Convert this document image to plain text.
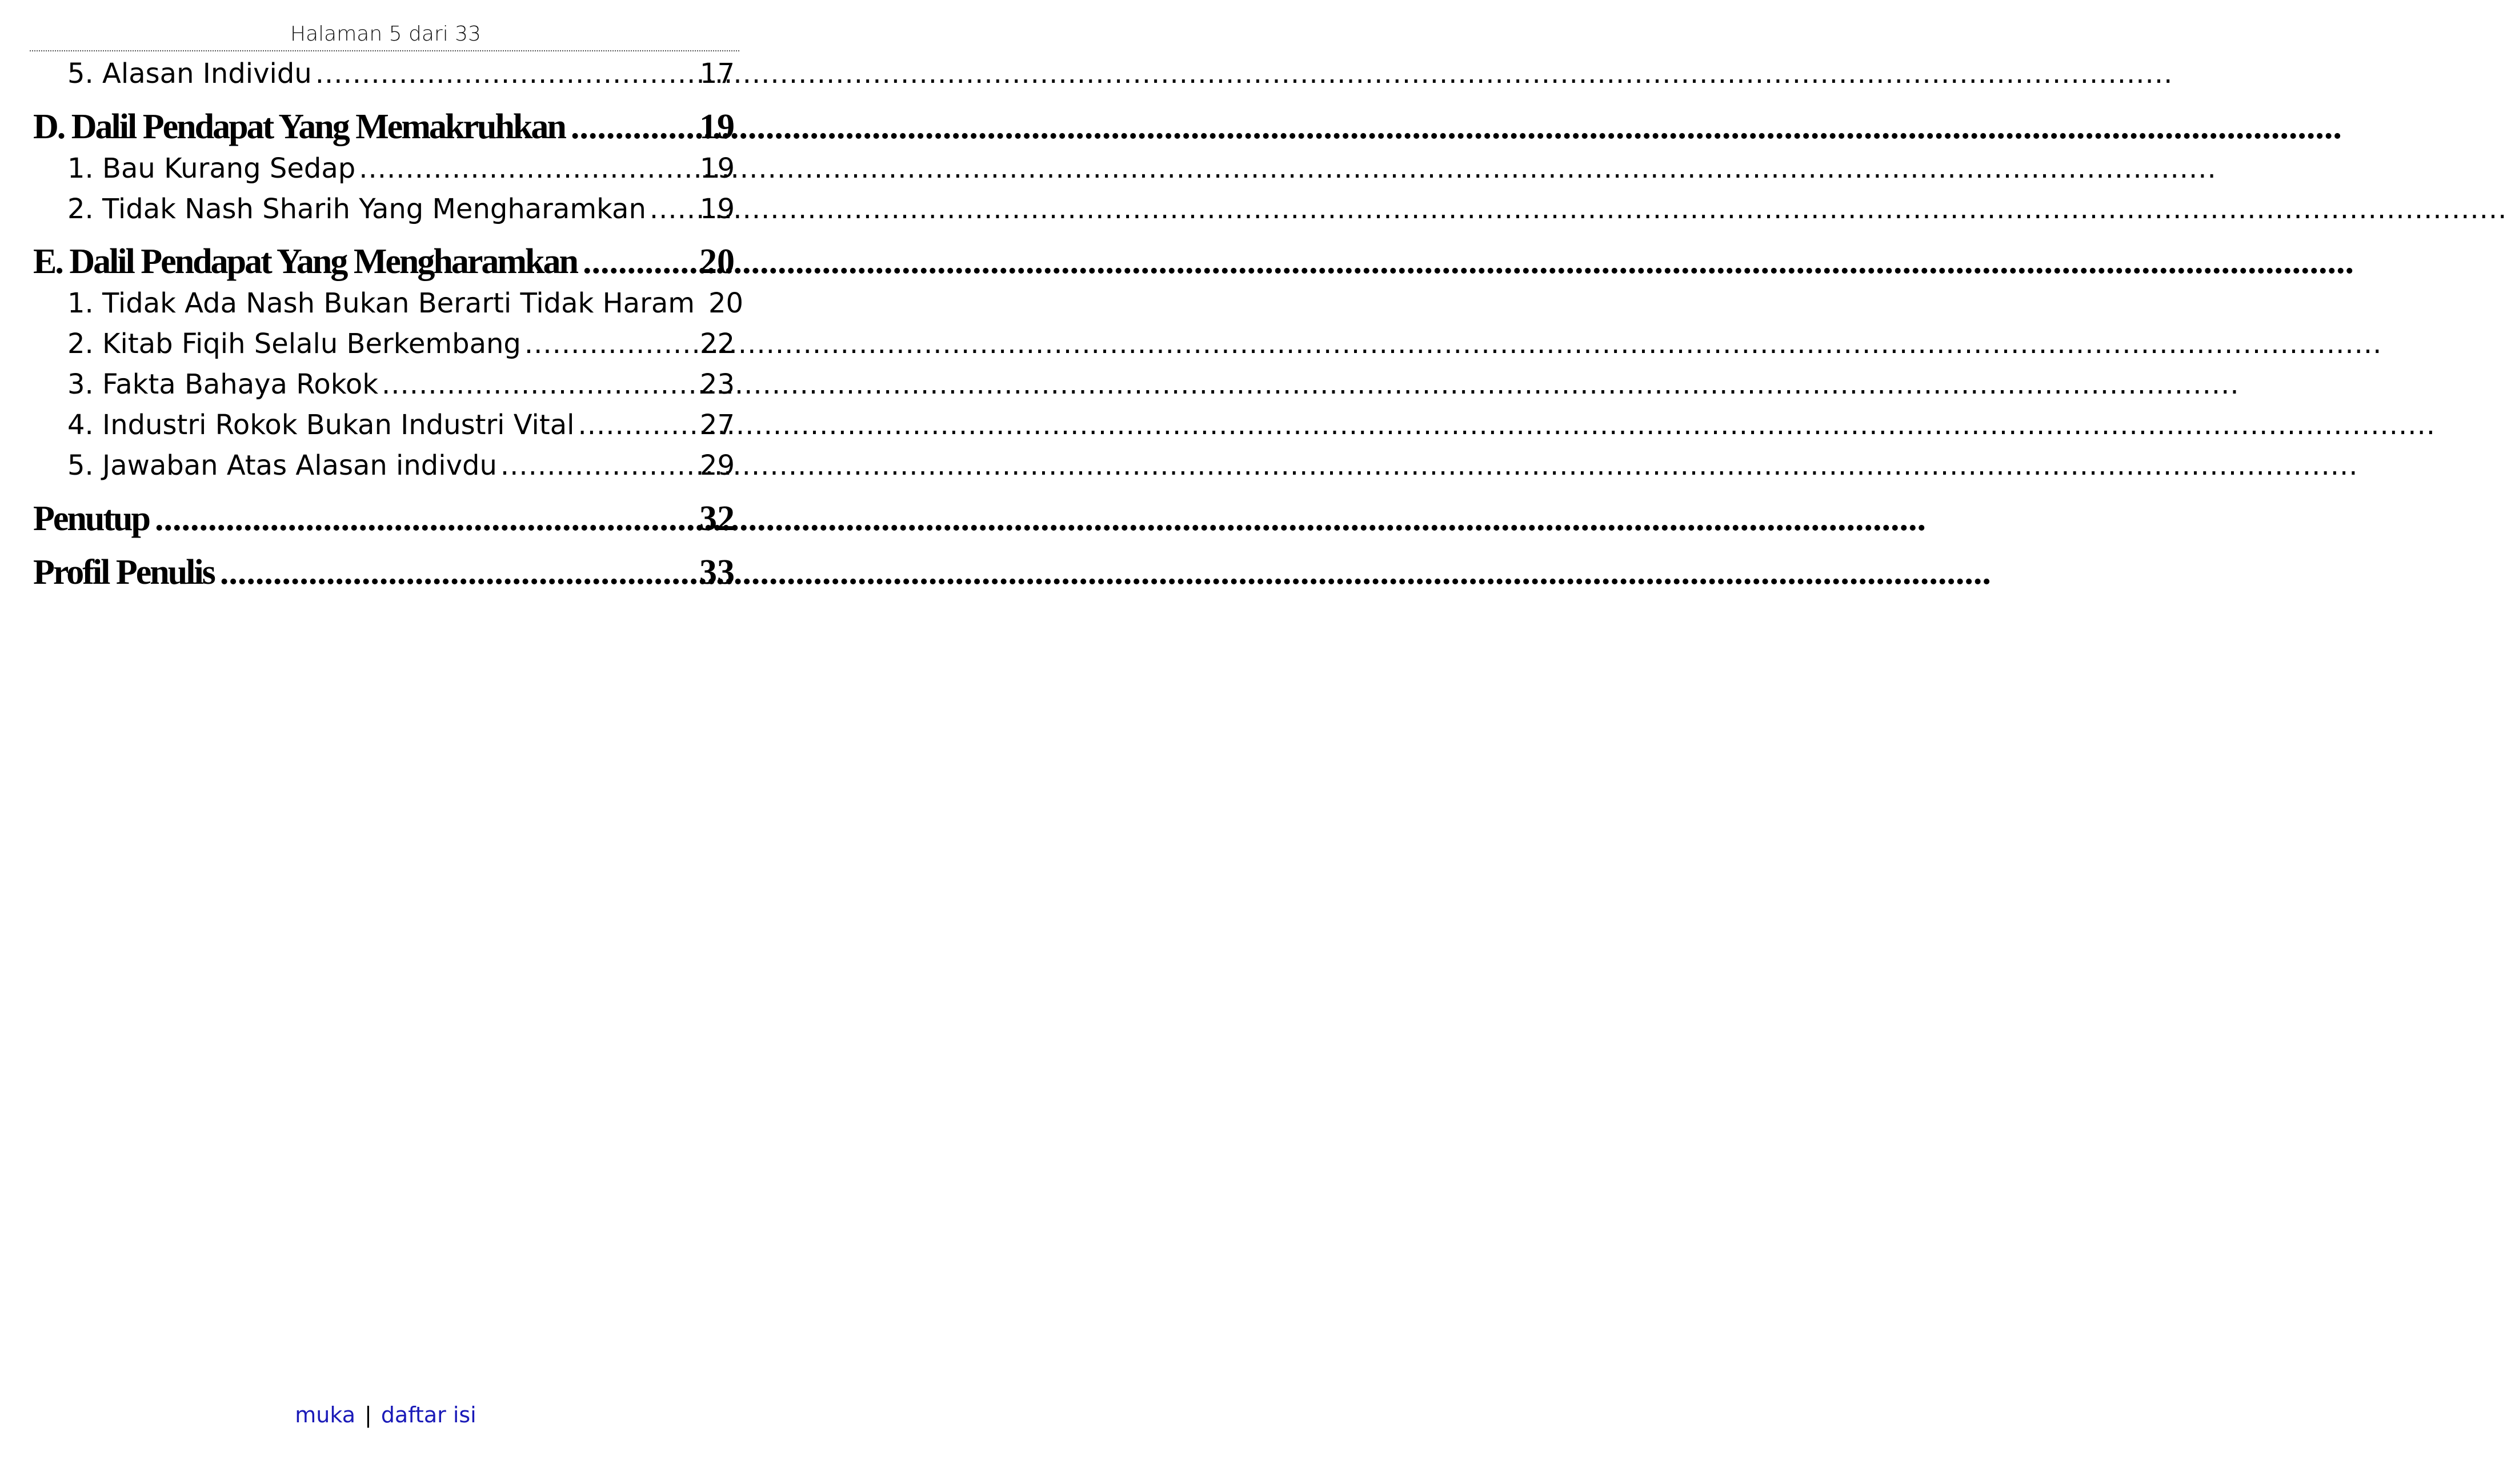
Halaman 5 dari 33
5. Alasan Individu .....	17
D. Dalil Pendapat Yang Memakruhkan .....	19
1. Bau Kurang Sedap .....	19
2. Tidak Nash Sharih Yang Mengharamkan ..... 19
E. Dalil Pendapat Yang Mengharamkan .....	20
1. Tidak Ada Nash Bukan Berarti Tidak Haram 20
2. Kitab Fiqih Selalu Berkembang .....	22
3. Fakta Bahaya Rokok .....	23
4. Industri Rokok Bukan Industri Vital .....	27
5. Jawaban Atas Alasan indivdu .....	29
Penutup .....	32
Profil Penulis .....	33
muka | daftar isi
